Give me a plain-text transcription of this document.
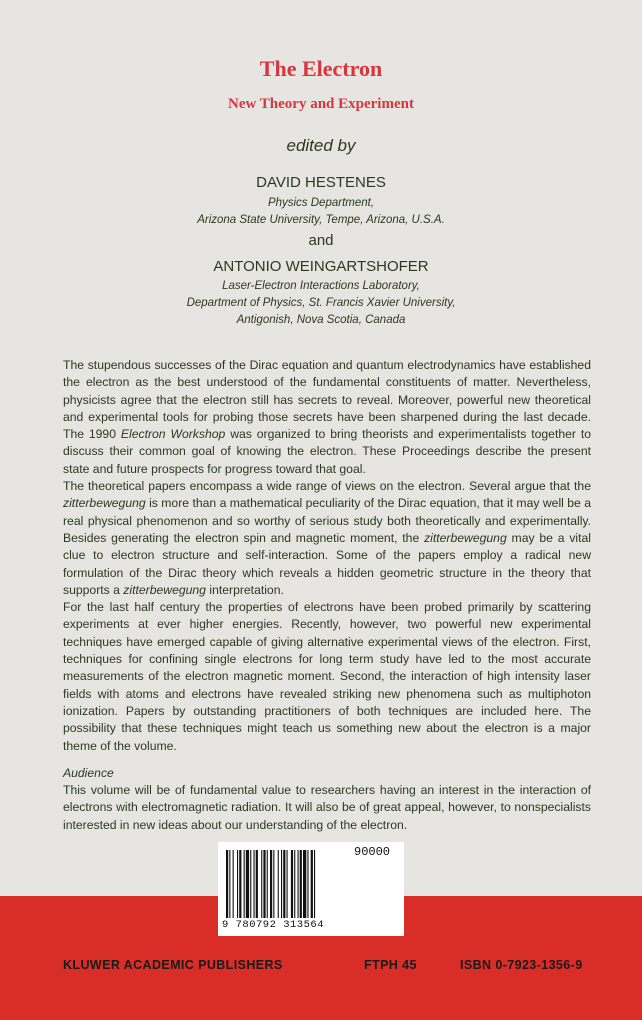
The Electron
New Theory and Experiment
edited by
DAVID HESTENES
Physics Department,
Arizona State University, Tempe, Arizona, U.S.A.
and
ANTONIO WEINGARTSHOFER
Laser-Electron Interactions Laboratory,
Department of Physics, St. Francis Xavier University,
Antigonish, Nova Scotia, Canada

The stupendous successes of the Dirac equation and quantum electrodynamics have established the electron as the best understood of the fundamental constituents of matter. Nevertheless, physicists agree that the electron still has secrets to reveal. Moreover, powerful new theoretical and experimental tools for probing those secrets have been sharpened during the last decade. The 1990 Electron Workshop was organized to bring theorists and experimentalists together to discuss their common goal of knowing the electron. These Proceedings describe the present state and future prospects for progress toward that goal.

The theoretical papers encompass a wide range of views on the electron. Several argue that the zitterbewegung is more than a mathematical peculiarity of the Dirac equation, that it may well be a real physical phenomenon and so worthy of serious study both theoretically and experimentally. Besides generating the electron spin and magnetic moment, the zitterbewegung may be a vital clue to electron structure and self-interaction. Some of the papers employ a radical new formulation of the Dirac theory which reveals a hidden geometric structure in the theory that supports a zitterbewegung interpretation.

For the last half century the properties of electrons have been probed primarily by scattering experiments at ever higher energies. Recently, however, two powerful new experimental techniques have emerged capable of giving alternative experimental views of the electron. First, techniques for confining single electrons for long term study have led to the most accurate measurements of the electron magnetic moment. Second, the interaction of high intensity laser fields with atoms and electrons have revealed striking new phenomena such as multiphoton ionization. Papers by outstanding practitioners of both techniques are included here. The possibility that these techniques might teach us something new about the electron is a major theme of the volume.

Audience

This volume will be of fundamental value to researchers having an interest in the interaction of electrons with electromagnetic radiation. It will also be of great appeal, however, to nonspecialists interested in new ideas about our understanding of the electron.

90000
9 780792 313564
KLUWER ACADEMIC PUBLISHERS	FTPH 45	ISBN 0-7923-1356-9
